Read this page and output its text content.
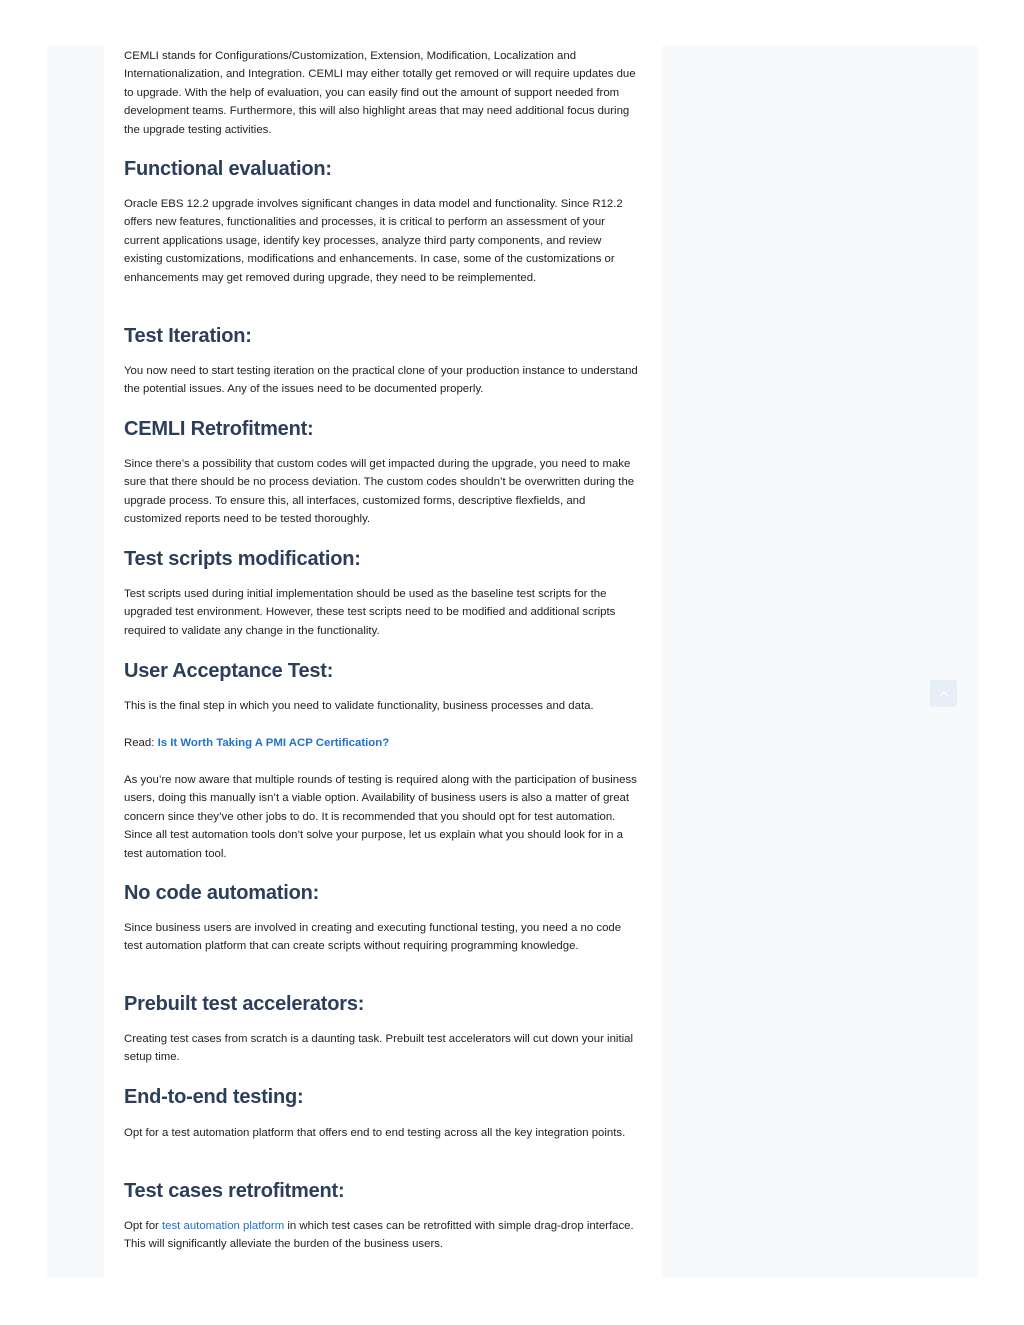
CEMLI stands for Configurations/Customization, Extension, Modification, Localization and Internationalization, and Integration. CEMLI may either totally get removed or will require updates due to upgrade. With the help of evaluation, you can easily find out the amount of support needed from development teams. Furthermore, this will also highlight areas that may need additional focus during the upgrade testing activities.

Functional evaluation:

Oracle EBS 12.2 upgrade involves significant changes in data model and functionality. Since R12.2 offers new features, functionalities and processes, it is critical to perform an assessment of your current applications usage, identify key processes, analyze third party components, and review existing customizations, modifications and enhancements. In case, some of the customizations or enhancements may get removed during upgrade, they need to be reimplemented.

Test Iteration:

You now need to start testing iteration on the practical clone of your production instance to understand the potential issues. Any of the issues need to be documented properly.

CEMLI Retrofitment:

Since there’s a possibility that custom codes will get impacted during the upgrade, you need to make sure that there should be no process deviation. The custom codes shouldn’t be overwritten during the upgrade process. To ensure this, all interfaces, customized forms, descriptive flexfields, and customized reports need to be tested thoroughly.

Test scripts modification:

Test scripts used during initial implementation should be used as the baseline test scripts for the upgraded test environment. However, these test scripts need to be modified and additional scripts required to validate any change in the functionality.

User Acceptance Test:

This is the final step in which you need to validate functionality, business processes and data.

Read: Is It Worth Taking A PMI ACP Certification?

As you’re now aware that multiple rounds of testing is required along with the participation of business users, doing this manually isn’t a viable option. Availability of business users is also a matter of great concern since they’ve other jobs to do. It is recommended that you should opt for test automation. Since all test automation tools don’t solve your purpose, let us explain what you should look for in a test automation tool.

No code automation:

Since business users are involved in creating and executing functional testing, you need a no code test automation platform that can create scripts without requiring programming knowledge.

Prebuilt test accelerators:

Creating test cases from scratch is a daunting task. Prebuilt test accelerators will cut down your initial setup time.

End-to-end testing:

Opt for a test automation platform that offers end to end testing across all the key integration points.

Test cases retrofitment:

Opt for test automation platform in which test cases can be retrofitted with simple drag-drop interface. This will significantly alleviate the burden of the business users.
